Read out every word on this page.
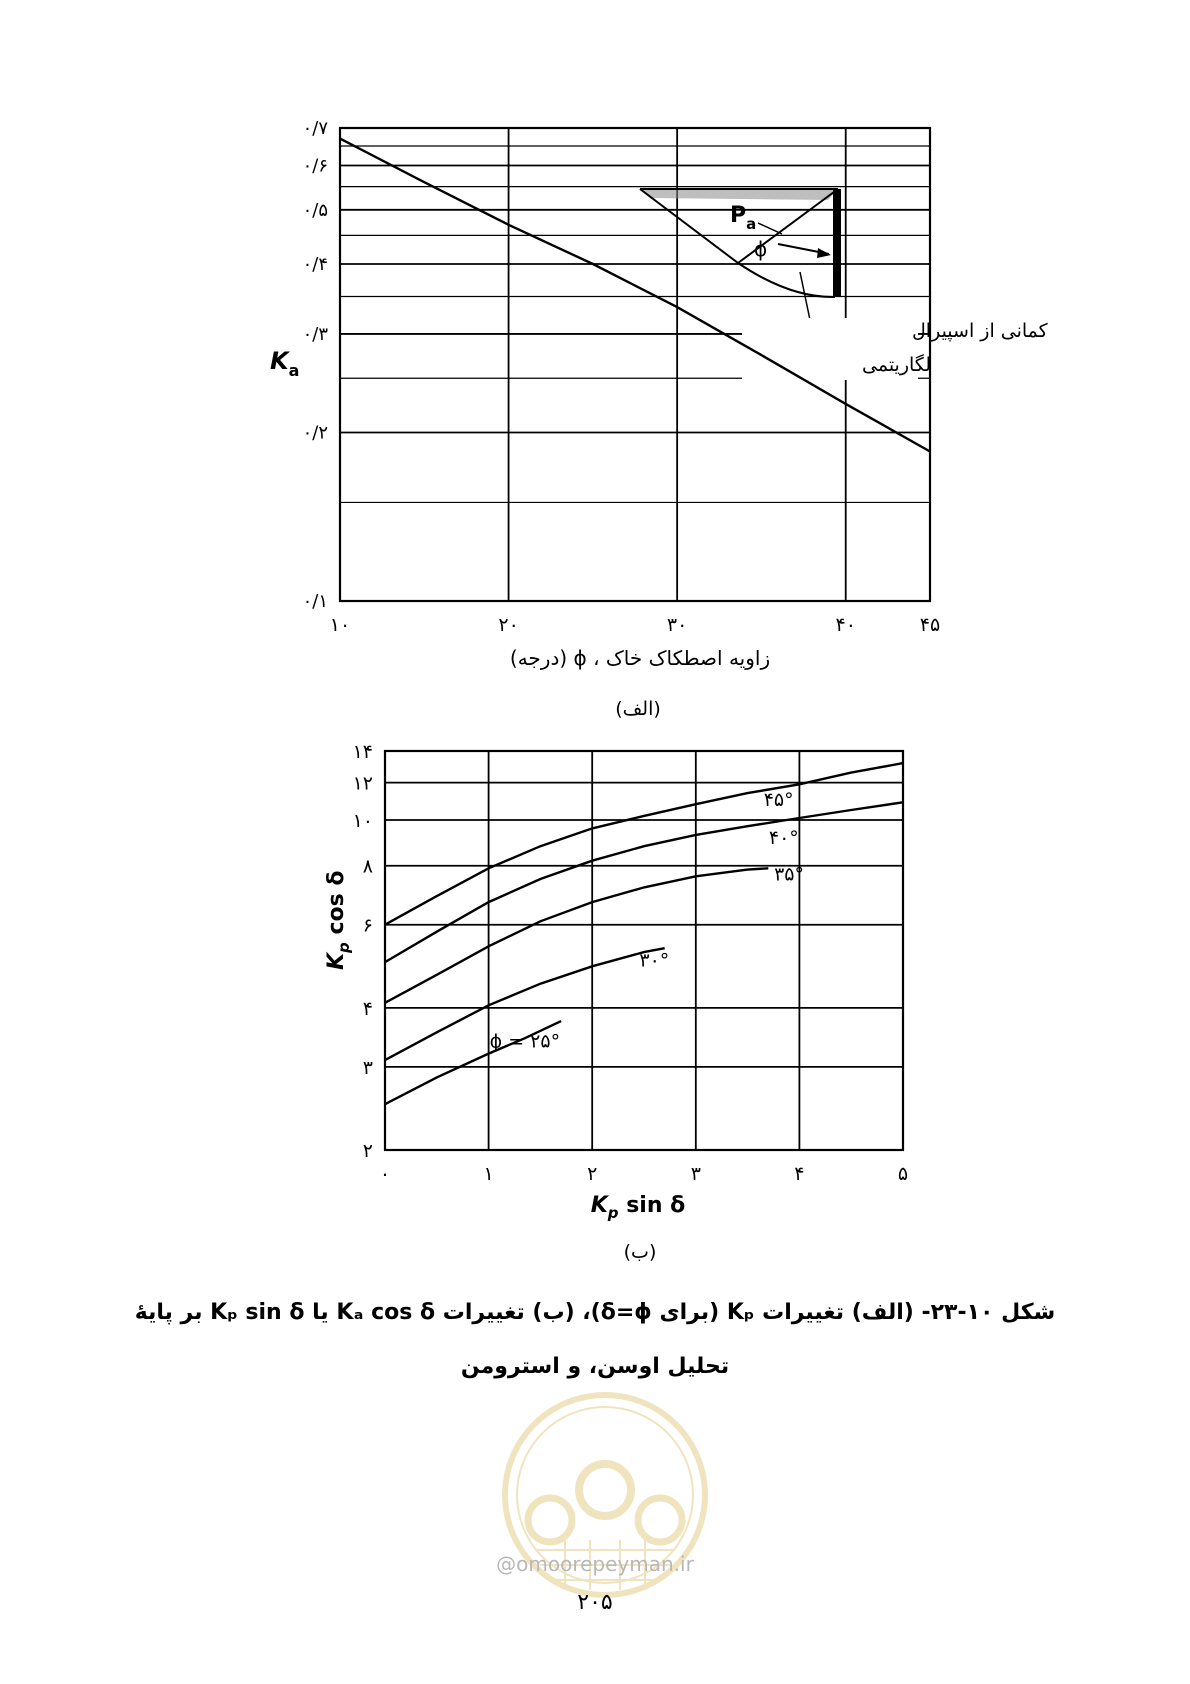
$P_a$
ϕ
کمانی از اسپیرال
لگاریتمی
۱۰	۲۰	۳۰	۴۰	۴۵
۰/۱
۰/۲
۰/۳
۰/۴
۰/۵
۰/۶
۰/۷
$K_a$
زاویه اصطکاک خاک ، ϕ (درجه)
(الف)
۰	۱	۲	۳	۴	۵
۲
۳
۴
۶
۸
۱۰
۱۲
۱۴
۴۵°
۴۰°
۳۵°
۳۰°
ϕ = ۲۵°
$K_p$ cos δ
$K_p$ sin δ
(ب)
شکل ۱۰-۲۳- (الف) تغییرات Kₚ (برای δ=ϕ)، (ب) تغییرات Kₐ cos δ یا Kₚ sin δ بر پایهٔ
تحلیل اوسن، و استرومن
@omoorepeyman.ir
۲۰۵
